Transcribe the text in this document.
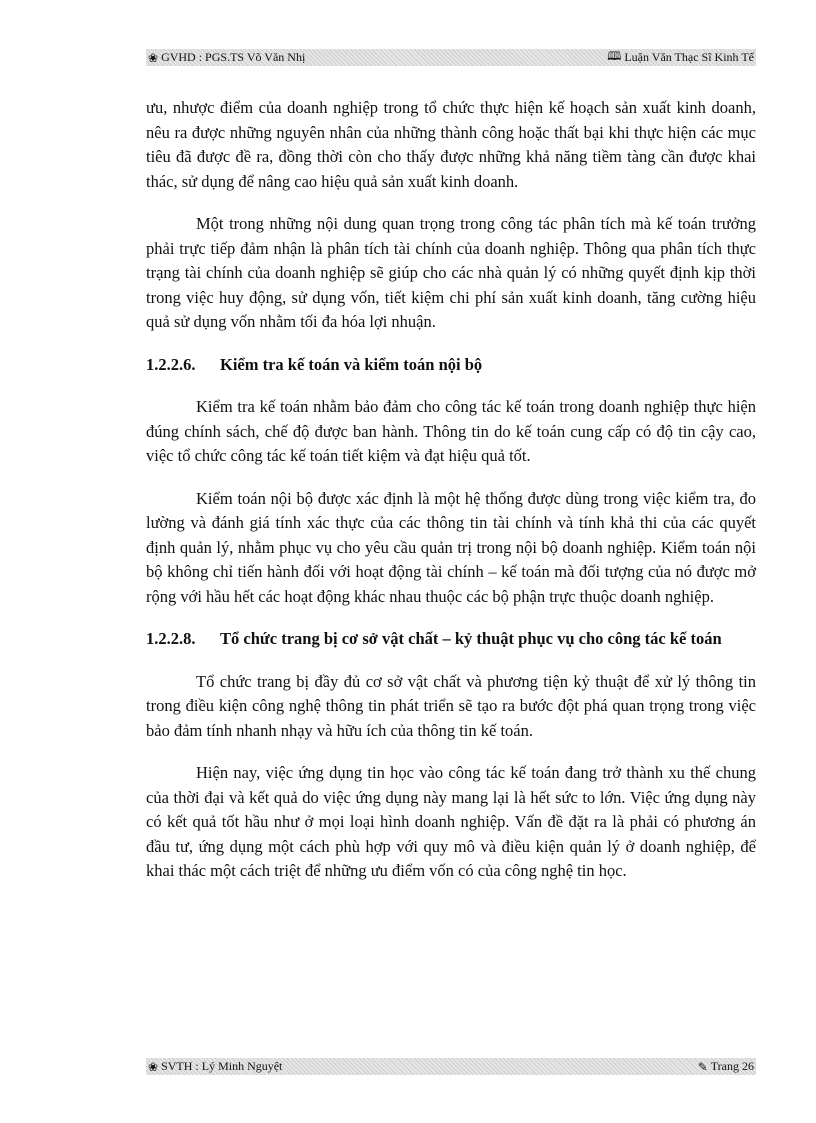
❀ GVHD : PGS.TS Võ Văn Nhị	🕮 Luận Văn Thạc Sĩ Kinh Tế

ưu, nhược điểm của doanh nghiệp trong tổ chức thực hiện kế hoạch sản xuất kinh doanh, nêu ra được những nguyên nhân của những thành công hoặc thất bại khi thực hiện các mục tiêu đã được đề ra, đồng thời còn cho thấy được những khả năng tiềm tàng cần được khai thác, sử dụng để nâng cao hiệu quả sản xuất kinh doanh.

Một trong những nội dung quan trọng trong công tác phân tích mà kế toán trưởng phải trực tiếp đảm nhận là phân tích tài chính của doanh nghiệp. Thông qua phân tích thực trạng tài chính của doanh nghiệp sẽ giúp cho các nhà quản lý có những quyết định kịp thời trong việc huy động, sử dụng vốn, tiết kiệm chi phí sản xuất kinh doanh, tăng cường hiệu quả sử dụng vốn nhằm tối đa hóa lợi nhuận.

1.2.2.6.	Kiểm tra kế toán và kiểm toán nội bộ

Kiểm tra kế toán nhằm bảo đảm cho công tác kế toán trong doanh nghiệp thực hiện đúng chính sách, chế độ được ban hành. Thông tin do kế toán cung cấp có độ tin cậy cao, việc tổ chức công tác kế toán tiết kiệm và đạt hiệu quả tốt.

Kiểm toán nội bộ được xác định là một hệ thống được dùng trong việc kiểm tra, đo lường và đánh giá tính xác thực của các thông tin tài chính và tính khả thi của các quyết định quản lý, nhằm phục vụ cho yêu cầu quản trị trong nội bộ doanh nghiệp. Kiểm toán nội bộ không chỉ tiến hành đối với hoạt động tài chính – kế toán mà đối tượng của nó được mở rộng với hầu hết các hoạt động khác nhau thuộc các bộ phận trực thuộc doanh nghiệp.

1.2.2.8.	Tổ chức trang bị cơ sở vật chất – kỷ thuật phục vụ cho công tác kế toán

Tổ chức trang bị đầy đủ cơ sở vật chất và phương tiện kỷ thuật để xử lý thông tin trong điều kiện công nghệ thông tin phát triển sẽ tạo ra bước đột phá quan trọng trong việc bảo đảm tính nhanh nhạy và hữu ích của thông tin kế toán.

Hiện nay, việc ứng dụng tin học vào công tác kế toán đang trở thành xu thế chung của thời đại và kết quả do việc ứng dụng này mang lại là hết sức to lớn. Việc ứng dụng này có kết quả tốt hầu như ở mọi loại hình doanh nghiệp. Vấn đề đặt ra là phải có phương án đầu tư, ứng dụng một cách phù hợp với quy mô và điều kiện quản lý ở doanh nghiệp, để khai thác một cách triệt để những ưu điểm vốn có của công nghệ tin học.

❀ SVTH : Lý Minh Nguyệt	✎ Trang 26
